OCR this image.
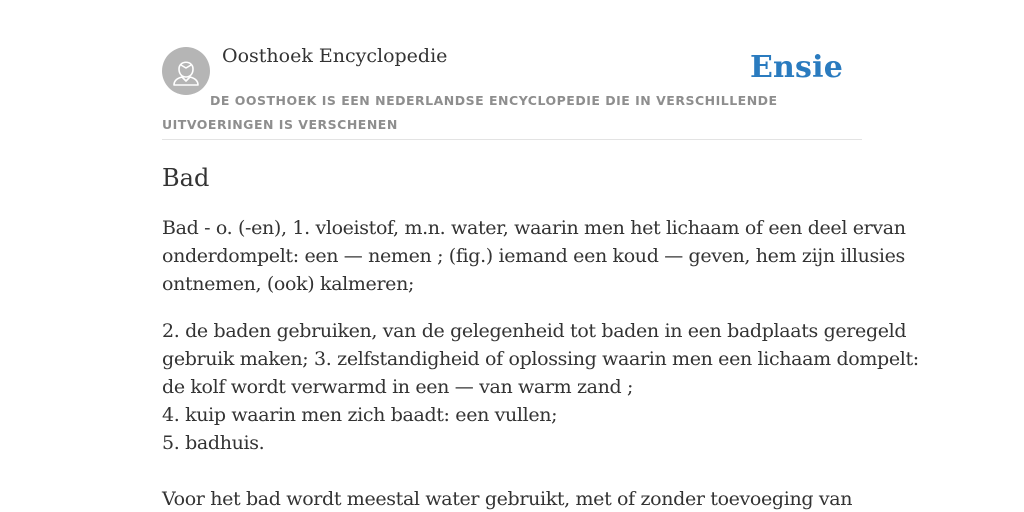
Oosthoek Encyclopedie	Ensie

DE OOSTHOEK IS EEN NEDERLANDSE ENCYCLOPEDIE DIE IN VERSCHILLENDE UITVOERINGEN IS VERSCHENEN

Bad
Bad - o. (-en), 1. vloeistof, m.n. water, waarin men het lichaam of een deel ervan
onderdompelt: een — nemen ; (fig.) iemand een koud — geven, hem zijn illusies
ontnemen, (ook) kalmeren;
2. de baden gebruiken, van de gelegenheid tot baden in een badplaats geregeld
gebruik maken; 3. zelfstandigheid of oplossing waarin men een lichaam dompelt:
de kolf wordt verwarmd in een — van warm zand ;
4. kuip waarin men zich baadt: een vullen;
5. badhuis.
Voor het bad wordt meestal water gebruikt, met of zonder toevoeging van
